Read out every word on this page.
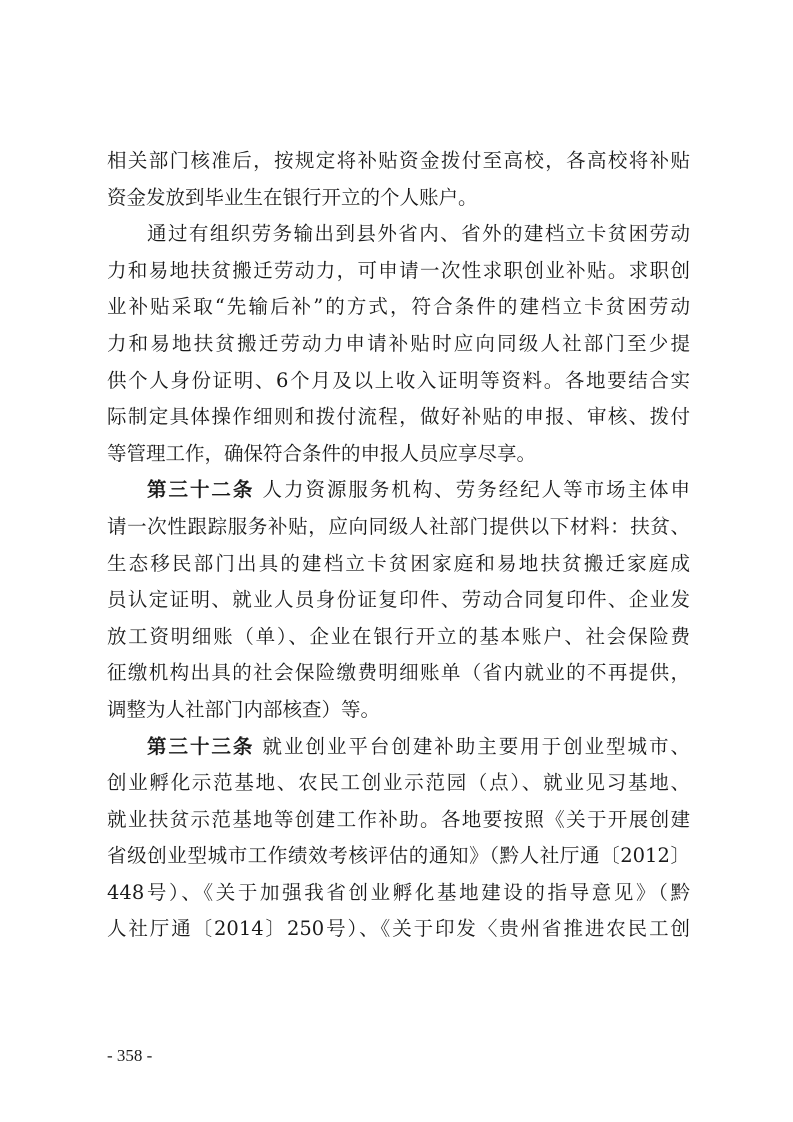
相关部门核准后，按规定将补贴资金拨付至高校，各高校将补贴
资金发放到毕业生在银行开立的个人账户。

通过有组织劳务输出到县外省内、省外的建档立卡贫困劳动
力和易地扶贫搬迁劳动力，可申请一次性求职创业补贴。求职创
业补贴采取“先输后补”的方式，符合条件的建档立卡贫困劳动
力和易地扶贫搬迁劳动力申请补贴时应向同级人社部门至少提
供个人身份证明、6个月及以上收入证明等资料。各地要结合实
际制定具体操作细则和拨付流程，做好补贴的申报、审核、拨付
等管理工作，确保符合条件的申报人员应享尽享。

第三十二条 人力资源服务机构、劳务经纪人等市场主体申
请一次性跟踪服务补贴，应向同级人社部门提供以下材料：扶贫、
生态移民部门出具的建档立卡贫困家庭和易地扶贫搬迁家庭成
员认定证明、就业人员身份证复印件、劳动合同复印件、企业发
放工资明细账（单）、企业在银行开立的基本账户、社会保险费
征缴机构出具的社会保险缴费明细账单（省内就业的不再提供，
调整为人社部门内部核查）等。

第三十三条 就业创业平台创建补助主要用于创业型城市、
创业孵化示范基地、农民工创业示范园（点）、就业见习基地、
就业扶贫示范基地等创建工作补助。各地要按照《关于开展创建
省级创业型城市工作绩效考核评估的通知》（黔人社厅通〔2012〕
448号）、《关于加强我省创业孵化基地建设的指导意见》（黔
人社厅通〔2014〕250号）、《关于印发〈贵州省推进农民工创

- 358 -
